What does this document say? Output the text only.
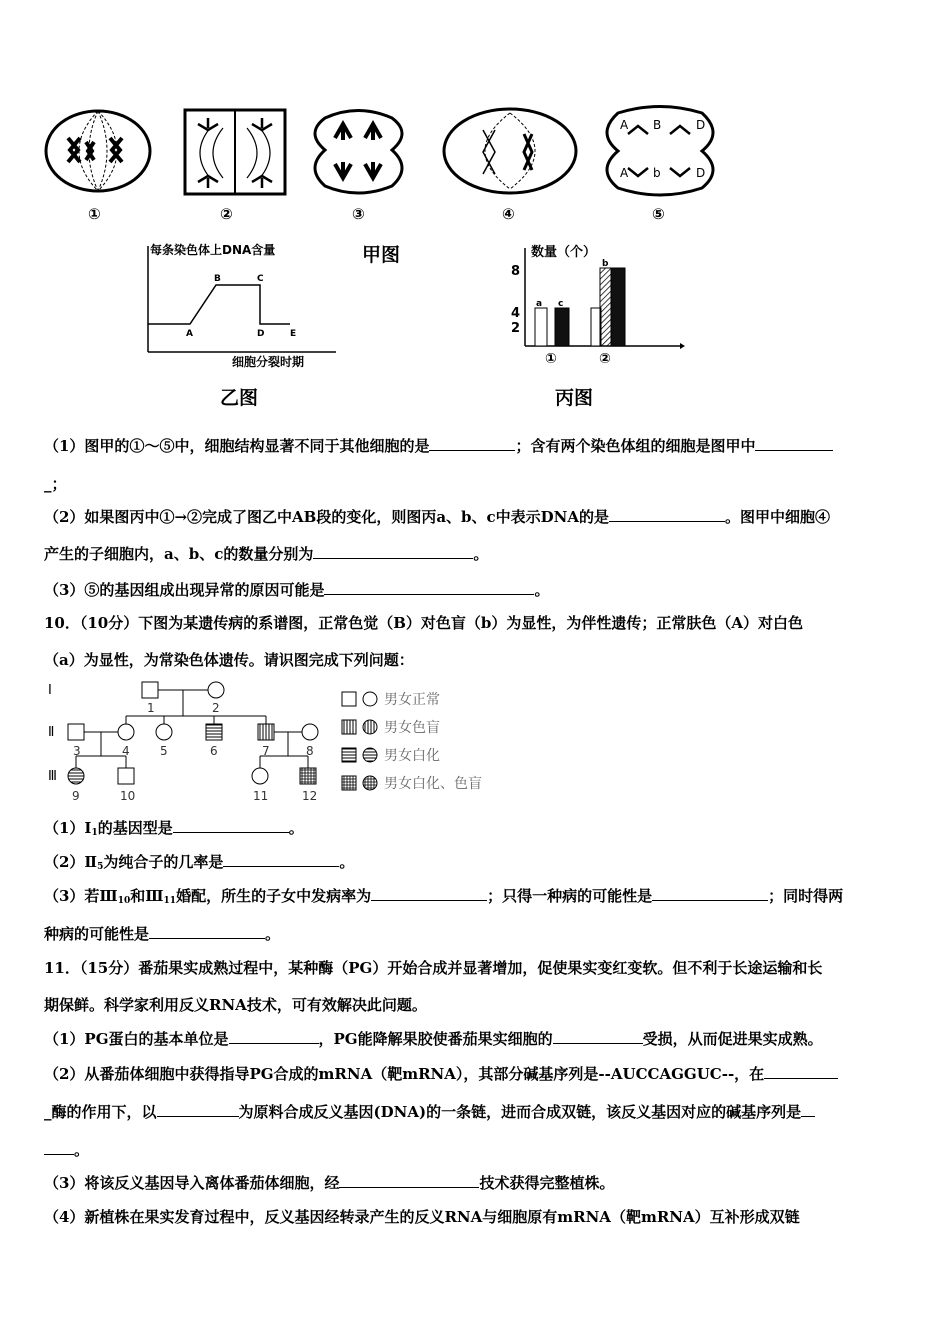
A B	D
A b	D
①	②	③	④	⑤
甲图
A
B	C
D	E
每条染色体上DNA含量
细胞分裂时期
乙图
数量（个）
8
4
2
a c
b
①	②
丙图
（1）图甲的①～⑤中，细胞结构显著不同于其他细胞的是	；含有两个染色体组的细胞是图甲中
_；
（2）如果图丙中①→②完成了图乙中AB段的变化，则图丙a、b、c中表示DNA的是	。图甲中细胞④
产生的子细胞内，a、b、c的数量分别为	。
（3）⑤的基因组成出现异常的原因可能是	。
10．（10分）下图为某遗传病的系谱图，正常色觉（B）对色盲（b）为显性，为伴性遗传；正常肤色（A）对白色
（a）为显性，为常染色体遗传。请识图完成下列问题：
Ⅰ
Ⅱ
Ⅲ
1	2
3	4	5	6	7	8
9	10	11	12
男女正常
男女色盲
男女白化
男女白化、色盲
$(1)Ⅰ_1$的基因型是	。
$(2)Ⅱ_5$为纯合子的几率是	。
（3）若$Ⅲ_{10}$和$Ⅲ_{11}$婚配，所生的子女中发病率为	；只得一种病的可能性是	；同时得两
种病的可能性是	。
11．（15分）番茄果实成熟过程中，某种酶（PG）开始合成并显著增加，促使果实变红变软。但不利于长途运输和长
期保鲜。科学家利用反义RNA技术，可有效解决此问题。
（1）PG蛋白的基本单位是	，PG能降解果胶使番茄果实细胞的	受损，从而促进果实成熟。
（2）从番茄体细胞中获得指导PG合成的mRNA（靶mRNA），其部分碱基序列是--AUCCAGGUC--，在
_酶的作用下，以	为原料合成反义基因(DNA)的一条链，进而合成双链，该反义基因对应的碱基序列是
。
（3）将该反义基因导入离体番茄体细胞，经	技术获得完整植株。
（4）新植株在果实发育过程中，反义基因经转录产生的反义RNA与细胞原有mRNA（靶mRNA）互补形成双链
